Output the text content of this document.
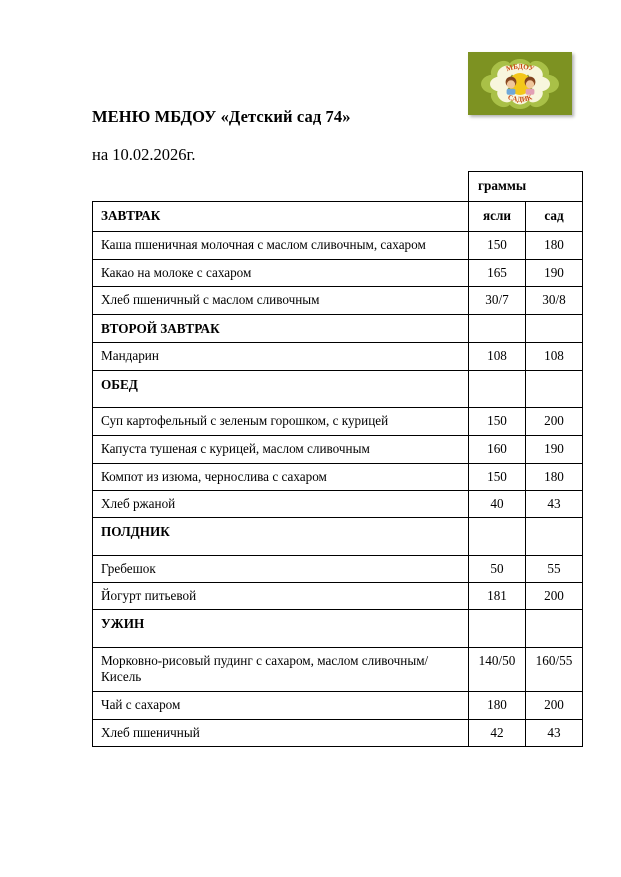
МБДОУ
САДИК
МЕНЮ МБДОУ «Детский сад 74»
на 10.02.2026г.

	граммы	

ЗАВТРАК	ясли	сад

Каша пшеничная молочная с маслом сливочным, сахаром	150	180

Какао на молоке с сахаром	165	190

Хлеб пшеничный с маслом сливочным	30/7	30/8

ВТОРОЙ ЗАВТРАК		

Мандарин	108	108

ОБЕД		

Суп картофельный с зеленым горошком, с курицей	150	200

Капуста тушеная с курицей, маслом сливочным	160	190

Компот из изюма, чернослива с сахаром	150	180

Хлеб ржаной	40	43

ПОЛДНИК		

Гребешок	50	55

Йогурт питьевой	181	200

УЖИН		

Морковно-рисовый пудинг с сахаром, маслом сливочным/Кисель	140/50	160/55

Чай с сахаром	180	200

Хлеб пшеничный	42	43
